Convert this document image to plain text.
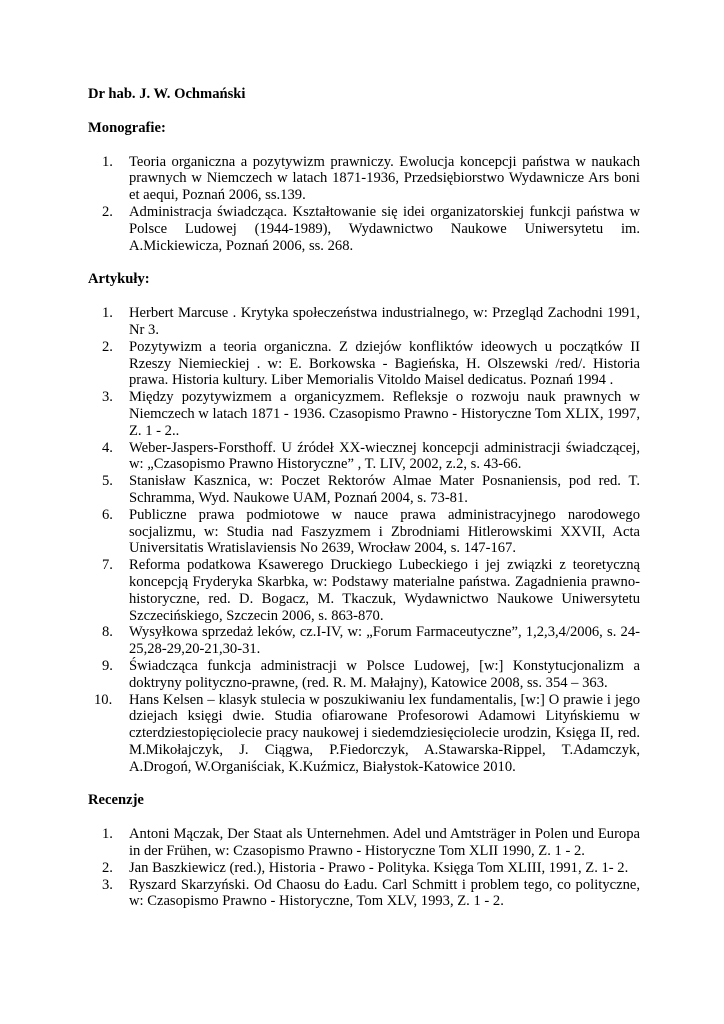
Dr hab. J. W. Ochmański
Monografie:
1. Teoria organiczna a pozytywizm prawniczy. Ewolucja koncepcji państwa w naukach prawnych w Niemczech w latach 1871-1936, Przedsiębiorstwo Wydawnicze Ars boni et aequi, Poznań 2006, ss.139.
2. Administracja świadcząca. Kształtowanie się idei organizatorskiej funkcji państwa w Polsce Ludowej (1944-1989), Wydawnictwo Naukowe Uniwersytetu im. A.Mickiewicza, Poznań 2006, ss. 268.
Artykuły:
1. Herbert Marcuse . Krytyka społeczeństwa industrialnego, w: Przegląd Zachodni 1991, Nr 3.
2. Pozytywizm a teoria organiczna. Z dziejów konfliktów ideowych u początków II Rzeszy Niemieckiej . w: E. Borkowska - Bagieńska, H. Olszewski /red/. Historia prawa. Historia kultury. Liber Memorialis Vitoldo Maisel dedicatus. Poznań 1994 .
3. Między pozytywizmem a organicyzmem. Refleksje o rozwoju nauk prawnych w Niemczech w latach 1871 - 1936. Czasopismo Prawno - Historyczne Tom XLIX, 1997, Z. 1 - 2..
4. Weber-Jaspers-Forsthoff. U źródeł XX-wiecznej koncepcji administracji świadczącej, w: „Czasopismo Prawno Historyczne” , T. LIV, 2002, z.2, s. 43-66.
5. Stanisław Kasznica, w: Poczet Rektorów Almae Mater Posnaniensis, pod red. T. Schramma, Wyd. Naukowe UAM, Poznań 2004, s. 73-81.
6. Publiczne prawa podmiotowe w nauce prawa administracyjnego narodowego socjalizmu, w: Studia nad Faszyzmem i Zbrodniami Hitlerowskimi XXVII, Acta Universitatis Wratislaviensis No 2639, Wrocław 2004, s. 147-167.
7. Reforma podatkowa Ksawerego Druckiego Lubeckiego i jej związki z teoretyczną koncepcją Fryderyka Skarbka, w: Podstawy materialne państwa. Zagadnienia prawno-historyczne, red. D. Bogacz, M. Tkaczuk, Wydawnictwo Naukowe Uniwersytetu Szczecińskiego, Szczecin 2006, s. 863-870.
8. Wysyłkowa sprzedaż leków, cz.I-IV, w: „Forum Farmaceutyczne”, 1,2,3,4/2006, s. 24-25,28-29,20-21,30-31.
9. Świadcząca funkcja administracji w Polsce Ludowej, [w:] Konstytucjonalizm a doktryny polityczno-prawne, (red. R. M. Małajny), Katowice 2008, ss. 354 – 363.
10. Hans Kelsen – klasyk stulecia w poszukiwaniu lex fundamentalis, [w:] O prawie i jego dziejach księgi dwie. Studia ofiarowane Profesorowi Adamowi Lityńskiemu w czterdziestopięciolecie pracy naukowej i siedemdziesięciolecie urodzin, Księga II, red. M.Mikołajczyk, J. Ciągwa, P.Fiedorczyk, A.Stawarska-Rippel, T.Adamczyk, A.Drogoń, W.Organiściak, K.Kuźmicz, Białystok-Katowice 2010.
Recenzje
1. Antoni Mączak, Der Staat als Unternehmen. Adel und Amtsträger in Polen und Europa in der Frühen, w: Czasopismo Prawno - Historyczne Tom XLII 1990, Z. 1 - 2.
2. Jan Baszkiewicz (red.), Historia - Prawo - Polityka. Księga Tom XLIII, 1991, Z. 1- 2.
3. Ryszard Skarzyński. Od Chaosu do Ładu. Carl Schmitt i problem tego, co polityczne, w: Czasopismo Prawno - Historyczne, Tom XLV, 1993, Z. 1 - 2.
